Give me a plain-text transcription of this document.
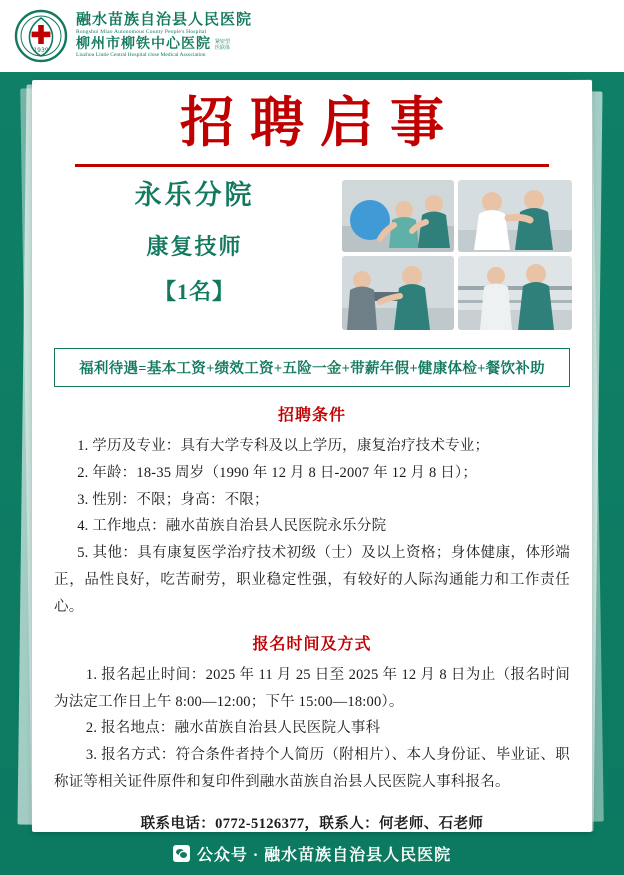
1939
融水苗族自治县人民医院
Rongshui Miao Autonomous County People's Hospital
柳州市柳铁中心医院 紧密型
医联体
Liuzhou Liutie Central Hospital close Medical Association
招聘启事
永乐分院
康复技师
【1名】
福利待遇=基本工资+绩效工资+五险一金+带薪年假+健康体检+餐饮补助
招聘条件
1. 学历及专业：具有大学专科及以上学历，康复治疗技术专业；
2. 年龄：18-35 周岁（1990 年 12 月 8 日-2007 年 12 月 8 日）；
3. 性别：不限；身高：不限；
4. 工作地点：融水苗族自治县人民医院永乐分院
5. 其他：具有康复医学治疗技术初级（士）及以上资格；身体健康，体形端正，品性良好，吃苦耐劳，职业稳定性强，有较好的人际沟通能力和工作责任心。
报名时间及方式
1. 报名起止时间：2025 年 11 月 25 日至 2025 年 12 月 8 日为止（报名时间为法定工作日上午 8:00—12:00；下午 15:00—18:00）。
2. 报名地点：融水苗族自治县人民医院人事科
3. 报名方式：符合条件者持个人简历（附相片）、本人身份证、毕业证、职称证等相关证件原件和复印件到融水苗族自治县人民医院人事科报名。
联系电话：0772-5126377，联系人：何老师、石老师
公众号 · 融水苗族自治县人民医院
